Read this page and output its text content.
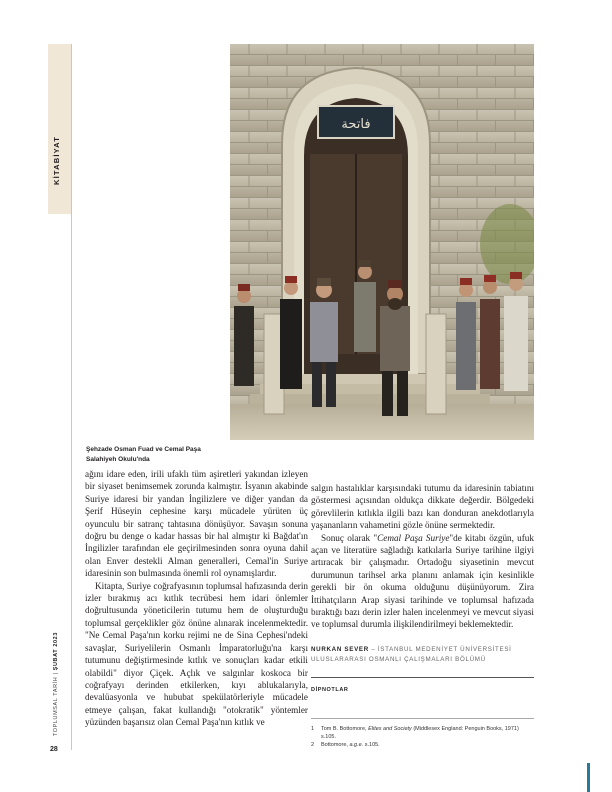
KİTABİYAT
TOPLUMSAL TARİH | ŞUBAT 2023
28
فاتحة
Şehzade Osman Fuad ve Cemal Paşa
Salahiyeh Okulu'nda

ağını idare eden, irili ufaklı tüm aşiretleri yakından izleyen bir siyaset benimsemek zorunda kalmıştır. İsyanın akabinde Suriye idaresi bir yandan İngilizlere ve diğer yandan da Şerif Hüseyin cephesine karşı mücadele yürüten üç oyunculu bir satranç tahtasına dönüşüyor. Savaşın sonuna doğru bu denge o kadar hassas bir hal almıştır ki Bağdat'ın İngilizler tarafından ele geçirilmesinden sonra oyuna dahil olan Enver destekli Alman generalleri, Cemal'in Suriye idaresinin son bulmasında önemli rol oynamışlardır.

Kitapta, Suriye coğrafyasının toplumsal hafızasında derin izler bırakmış acı kıtlık tecrübesi hem idari önlemler doğrultusunda yöneticilerin tutumu hem de oluşturduğu toplumsal gerçeklikler göz önüne alınarak incelenmektedir. "Ne Cemal Paşa'nın korku rejimi ne de Sina Cephesi'ndeki savaşlar, Suriyelilerin Osmanlı İmparatorluğu'na karşı tutumunu değiştirmesinde kıtlık ve sonuçları kadar etkili olabildi" diyor Çiçek. Açlık ve salgınlar koskoca bir coğrafyayı derinden etkilerken, kıyı ablukalarıyla, devalüasyonla ve hububat spekülatörleriyle mücadele etmeye çalışan, fakat kullandığı "otokratik" yöntemler yüzünden başarısız olan Cemal Paşa'nın kıtlık ve

salgın hastalıklar karşısındaki tutumu da idaresinin tabiatını göstermesi açısından oldukça dikkate değerdir. Bölgedeki görevlilerin kıtlıkla ilgili bazı kan donduran anekdotlarıyla yaşananların vahametini gözle önüne sermektedir.

Sonuç olarak "Cemal Paşa Suriye"de kitabı özgün, ufuk açan ve literatüre sağladığı katkılarla Suriye tarihine ilgiyi artıracak bir çalışmadır. Ortadoğu siyasetinin mevcut durumunun tarihsel arka planını anlamak için kesinlikle gerekli bir ön okuma olduğunu düşünüyorum. Zira İttihatçıların Arap siyasi tarihinde ve toplumsal hafızada bıraktığı bazı derin izler halen incelenmeyi ve mevcut siyasi ve toplumsal durumla ilişkilendirilmeyi beklemektedir.

NURKAN SEVER – İSTANBUL MEDENİYET ÜNİVERSİTESİ ULUSLARARASI OSMANLI ÇALIŞMALARI BÖLÜMÜ
DİPNOTLAR
1	Tom B. Bottomore, Elites and Society (Middlesex England: Penguin Books, 1971) s.105.
2	Bottomore, a.g.e. s.105.
